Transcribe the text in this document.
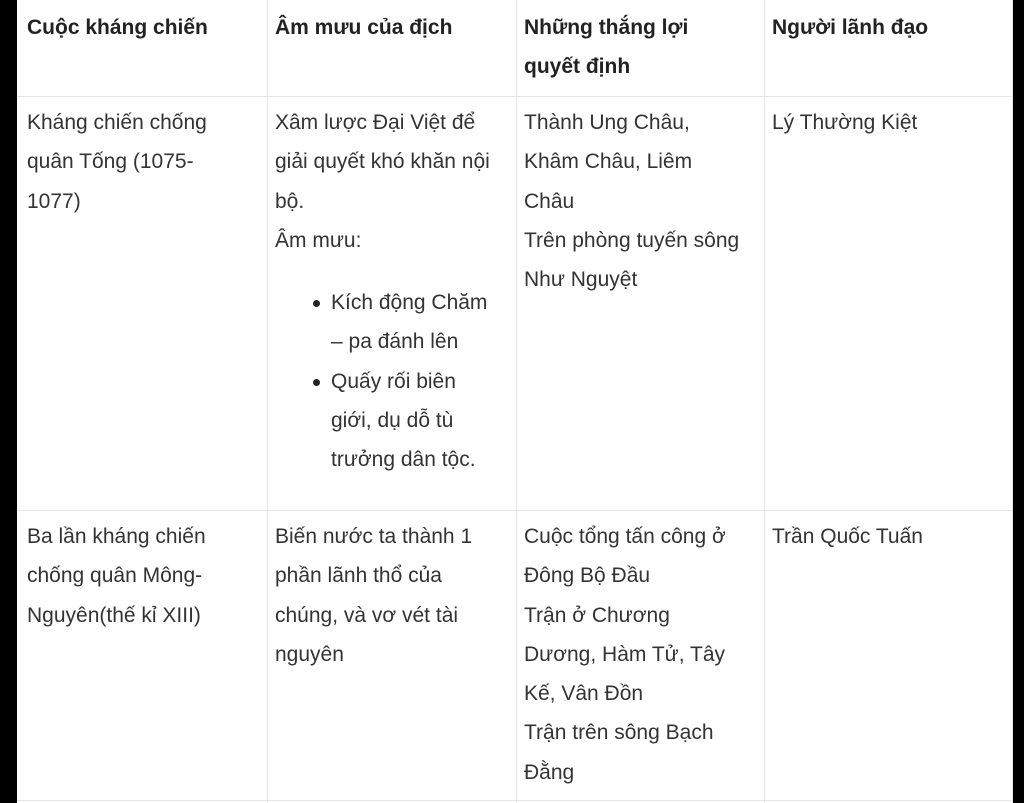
Cuộc kháng chiến	Âm mưu của địch	Những thắng lợi

quyết định

Người lãnh đạo

Kháng chiến chống

quân Tống (1075-

1077)

Xâm lược Đại Việt để

giải quyết khó khăn nội

bộ.

Âm mưu:

Kích động Chăm

– pa đánh lên

Quấy rối biên

giới, dụ dỗ tù

trưởng dân tộc.

Thành Ung Châu,

Khâm Châu, Liêm

Châu

Trên phòng tuyến sông

Như Nguyệt

Lý Thường Kiệt

Ba lần kháng chiến

chống quân Mông-

Nguyên(thế kỉ XIII)

Biến nước ta thành 1

phần lãnh thổ của

chúng, và vơ vét tài

nguyên

Cuộc tổng tấn công ở

Đông Bộ Đầu

Trận ở Chương

Dương, Hàm Tử, Tây

Kế, Vân Đồn

Trận trên sông Bạch

Đằng

Trần Quốc Tuấn
